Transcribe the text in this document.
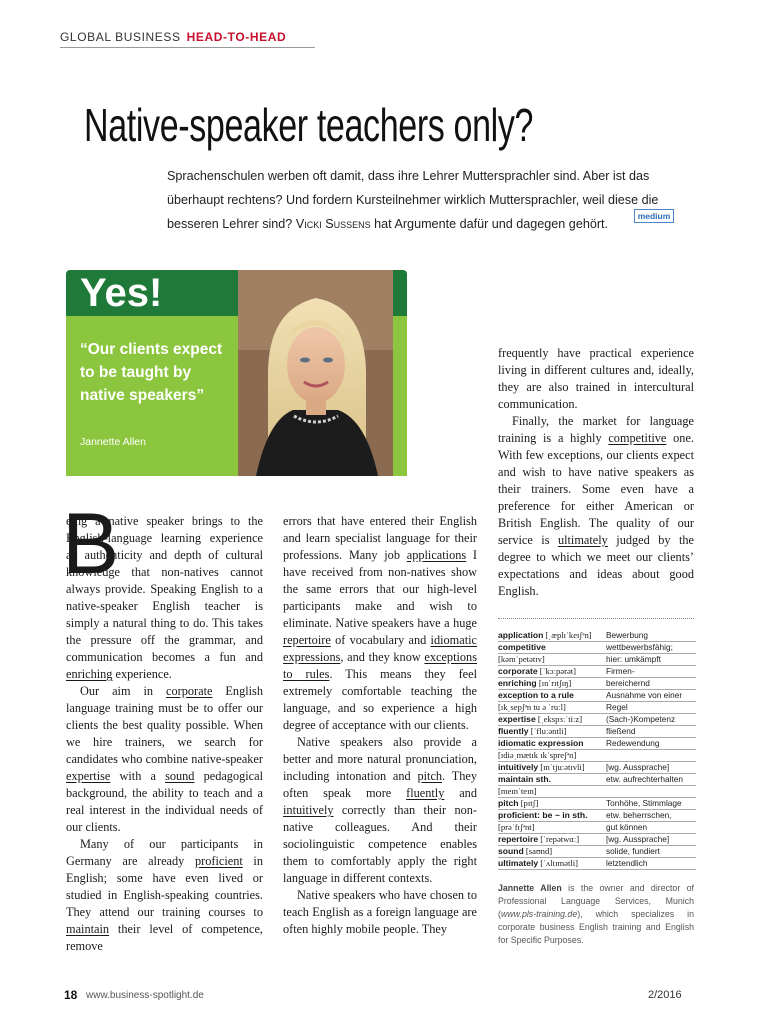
GLOBAL BUSINESS HEAD-TO-HEAD
Native-speaker teachers only?
Sprachenschulen werben oft damit, dass ihre Lehrer Muttersprachler sind. Aber ist das überhaupt rechtens? Und fordern Kursteilnehmer wirklich Muttersprachler, weil diese die besseren Lehrer sind? Vicki Sussens hat Argumente dafür und dagegen gehört.
medium
Yes!
“Our clients expect to be taught by native speakers”
Jannette Allen
B

eing a native speaker brings to the English-language learning experience an authenticity and depth of cultural knowledge that non-natives cannot always provide. Speaking English to a native-speaker English teacher is simply a natural thing to do. This takes the pressure off the grammar, and communication becomes a fun and enriching experience.

Our aim in corporate English language training must be to offer our clients the best quality possible. When we hire trainers, we search for candidates who combine native-speaker expertise with a sound pedagogical background, the ability to teach and a real interest in the individual needs of our clients.

Many of our participants in Germany are already proficient in English; some have even lived or studied in English-speaking countries. They attend our training courses to maintain their level of competence, remove

errors that have entered their English and learn specialist language for their professions. Many job applications I have received from non-natives show the same errors that our high-level participants make and wish to eliminate. Native speakers have a huge repertoire of vocabulary and idiomatic expressions, and they know exceptions to rules. This means they feel extremely comfortable teaching the language, and so experience a high degree of acceptance with our clients.

Native speakers also provide a better and more natural pronunciation, including intonation and pitch. They often speak more fluently and intuitively correctly than their non-native colleagues. And their sociolinguistic competence enables them to comfortably apply the right language in different contexts.

Native speakers who have chosen to teach English as a foreign language are often highly mobile people. They

frequently have practical experience living in different cultures and, ideally, they are also trained in intercultural communication.

Finally, the market for language training is a highly competitive one. With few exceptions, our clients expect and wish to have native speakers as their trainers. Some even have a preference for either American or British English. The quality of our service is ultimately judged by the degree to which we meet our clients’ expectations and ideas about good English.

application [ˌæplɪˈkeɪʃᵊn]	Bewerbung
competitive	wettbewerbsfähig;
[kəmˈpetətɪv]	hier: umkämpft
corporate [ˈkɔːpərət]	Firmen-
enriching [ɪnˈrɪtʃɪŋ]	bereichernd
exception to a rule	Ausnahme von einer
[ɪkˌsepʃᵊn tu ə ˈruːl]	Regel
expertise [ˌekspɜːˈtiːz]	(Sach-)Kompetenz
fluently [ˈfluːəntli]	fließend
idiomatic expression	Redewendung
[ɪdiəˌmætɪk ɪkˈspreʃᵊn]
intuitively [ɪnˈtjuːətɪvli]	[wg. Aussprache]
maintain sth.	etw. aufrechterhalten
[meɪnˈteɪn]
pitch [pɪtʃ]	Tonhöhe, Stimmlage
proficient: be ~ in sth.	etw. beherrschen,
[prəˈfɪʃᵊnt]	gut können
repertoire [ˈrepətwɑː]	[wg. Aussprache]
sound [saʊnd]	solide, fundiert
ultimately [ˈʌltɪmətli]	letztendlich
Jannette Allen is the owner and director of Professional Language Services, Munich (www.pls-training.de), which specializes in corporate business English training and English for Specific Purposes.
18 www.business-spotlight.de	2/2016
